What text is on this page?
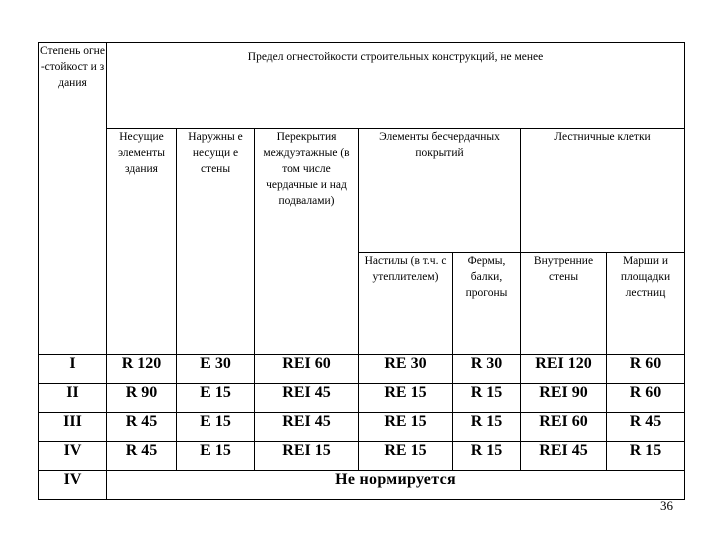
Степень огне-стойкост и здания	Предел огнестойкости строительных конструкций, не менее						
	Несущие элементы здания	Наружны е несущи е стены	Перекрытия междуэтажные (в том числе чердачные и над подвалами)	Элементы бесчердачных покрытий		Лестничные клетки	
				Настилы (в т.ч. с утеплителем)	Фермы, балки, прогоны	Внутренние стены	Марши и площадки лестниц
I	R 120	E 30	REI 60	RE 30	R 30	REI 120	R 60
II	R 90	E 15	REI 45	RE 15	R 15	REI 90	R 60
III	R 45	E 15	REI 45	RE 15	R 15	REI 60	R 45
IV	R 45	E 15	REI 15	RE 15	R 15	REI 45	R 15
IV	Не нормируется						
36
